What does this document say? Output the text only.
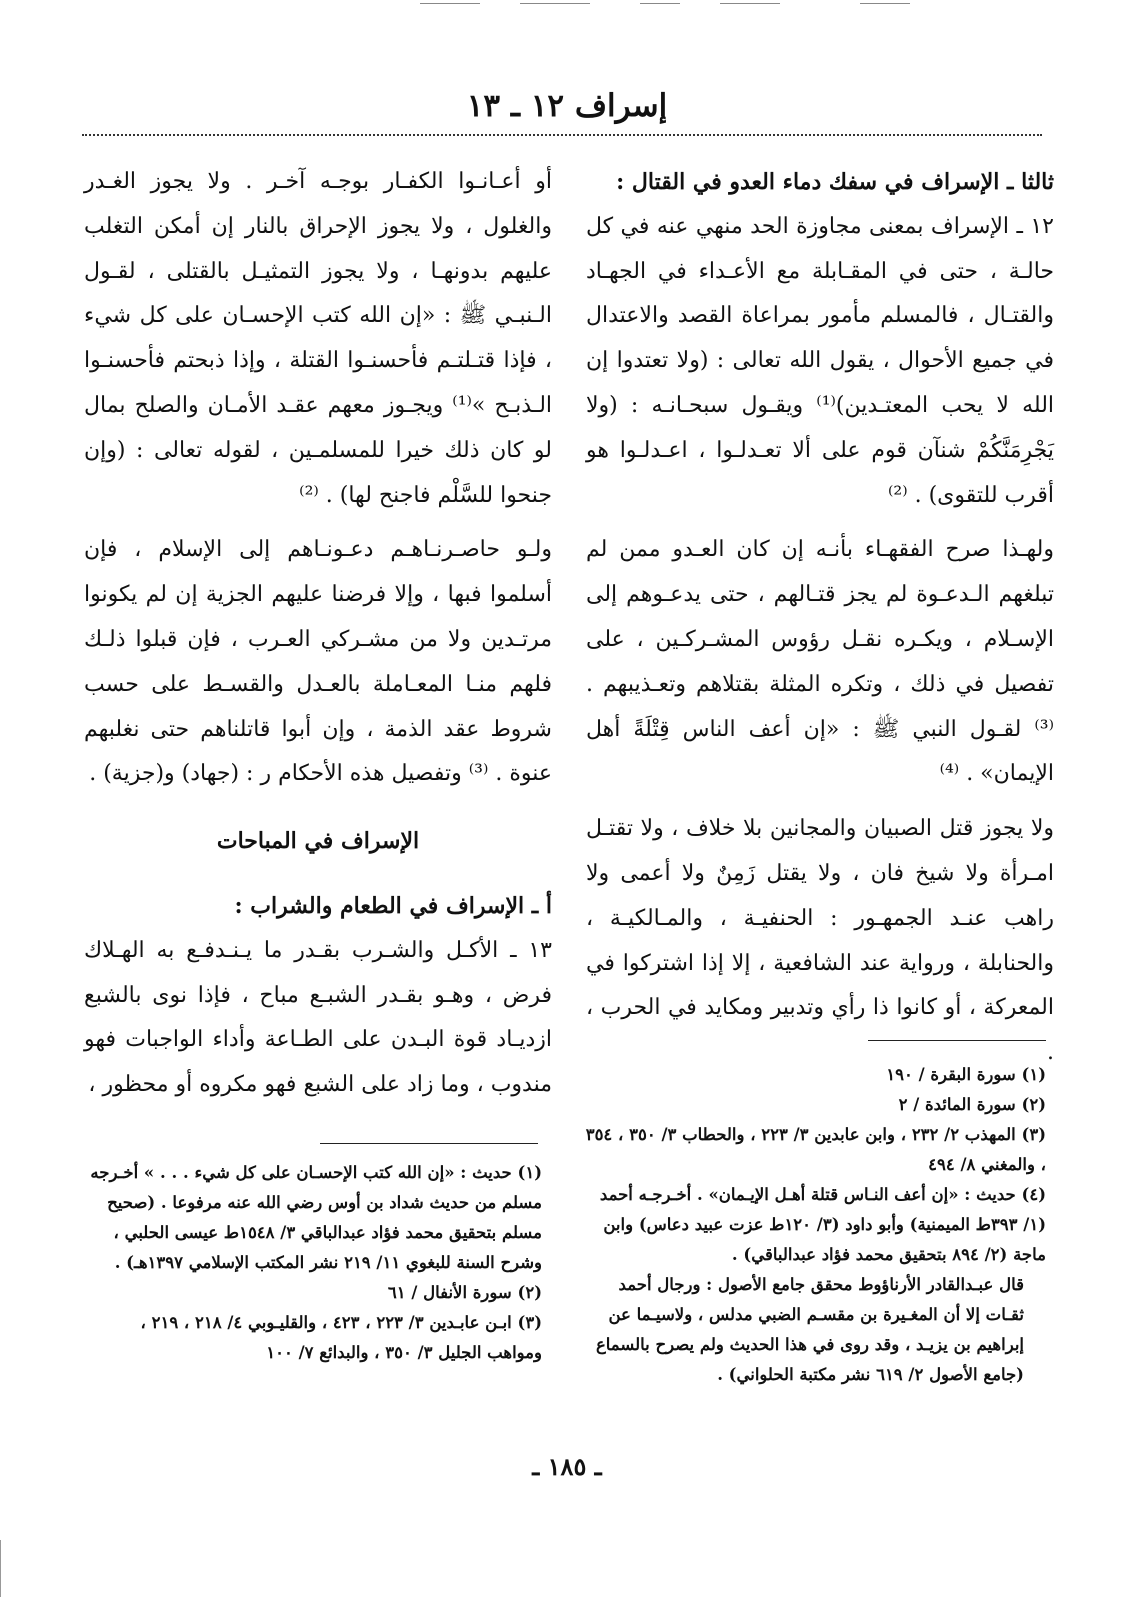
إسراف ١٢ ـ ١٣

ثالثا ـ الإسراف في سفك دماء العدو في القتال :

١٢ ـ الإسراف بمعنى مجاوزة الحد منهي عنه في كل حالـة ، حتى في المقـابلة مع الأعـداء في الجهـاد والقتـال ، فالمسلم مأمور بمراعاة القصد والاعتدال في جميع الأحوال ، يقول الله تعالى : (ولا تعتدوا إن الله لا يحب المعتـدين)⁽¹⁾ ويقـول سبحـانـه : (ولا يَجْرِمَنَّكُمْ شنآن قوم على ألا تعـدلـوا ، اعـدلـوا هو أقرب للتقوى) . ⁽²⁾

ولهـذا صرح الفقهـاء بأنـه إن كان العـدو ممن لم تبلغهم الـدعـوة لم يجز قتـالهم ، حتى يدعـوهم إلى الإسـلام ، ويكـره نقـل رؤوس المشـركـين ، على تفصيل في ذلك ، وتكره المثلة بقتلاهم وتعـذيبهم . ⁽³⁾ لقـول النبي ﷺ : «إن أعف الناس قِتْلَةً أهل الإيمان» . ⁽⁴⁾

ولا يجوز قتل الصبيان والمجانين بلا خلاف ، ولا تقتـل امـرأة ولا شيخ فان ، ولا يقتل زَمِنٌ ولا أعمى ولا راهب عنـد الجمهـور : الحنفيـة ، والمـالكيـة ، والحنابلة ، ورواية عند الشافعية ، إلا إذا اشتركوا في المعركة ، أو كانوا ذا رأي وتدبير ومكايد في الحرب ، .

أو أعـانـوا الكفـار بوجـه آخـر . ولا يجوز الغـدر والغلول ، ولا يجوز الإحراق بالنار إن أمكن التغلب عليهم بدونهـا ، ولا يجوز التمثيـل بالقتلى ، لقـول الـنبـي ﷺ : «إن الله كتب الإحسـان على كل شيء ، فإذا قتـلتـم فأحسنـوا القتلة ، وإذا ذبحتم فأحسنـوا الـذبـح »⁽¹⁾ ويجـوز معهم عقـد الأمـان والصلح بمال لو كان ذلك خيرا للمسلمـين ، لقوله تعالى : (وإن جنحوا للسَّلْم فاجنح لها) . ⁽²⁾

ولـو حاصـرنـاهـم دعـونـاهم إلى الإسلام ، فإن أسلموا فبها ، وإلا فرضنا عليهم الجزية إن لم يكونوا مرتـدين ولا من مشـركي العـرب ، فإن قبلوا ذلـك فلهم منـا المعـاملة بالعـدل والقسـط على حسب شروط عقد الذمة ، وإن أبوا قاتلناهم حتى نغلبهم عنوة . ⁽³⁾ وتفصيل هذه الأحكام ر : (جهاد) و(جزية) .

الإسراف في المباحات

أ ـ الإسراف في الطعام والشراب :

١٣ ـ الأكـل والشـرب بقـدر ما يـنـدفـع به الهـلاك فرض ، وهـو بقـدر الشبـع مباح ، فإذا نوى بالشبع ازديـاد قوة البـدن على الطـاعة وأداء الواجبات فهو مندوب ، وما زاد على الشبع فهو مكروه أو محظور ،	(١) سورة البقرة / ١٩٠

(٢) سورة المائدة / ٢

(٣) المهذب ٢/ ٢٣٢ ، وابن عابدين ٣/ ٢٢٣ ، والحطاب ٣/ ٣٥٠ ، ٣٥٤ ، والمغني ٨/ ٤٩٤

(٤) حديث : «إن أعف النـاس قتلة أهـل الإيـمان» . أخـرجـه أحمد (١/ ٣٩٣ط الميمنية) وأبو داود (٣/ ١٢٠ط عزت عبيد دعاس) وابن ماجة (٢/ ٨٩٤ بتحقيق محمد فؤاد عبدالباقي) .

قال عبـدالقادر الأرناؤوط محقق جامع الأصول : ورجال أحمد ثقـات إلا أن المغـيرة بن مقسـم الضبي مدلس ، ولاسيـما عن إبراهيم بن يزيـد ، وقد روى في هذا الحديث ولم يصرح بالسماع (جامع الأصول ٢/ ٦١٩ نشر مكتبة الحلواني) .

(١) حديث : «إن الله كتب الإحسـان على كل شيء . . . » أخـرجه مسلم من حديث شداد بن أوس رضي الله عنه مرفوعا . (صحيح مسلم بتحقيق محمد فؤاد عبدالباقي ٣/ ١٥٤٨ط عيسى الحلبي ، وشرح السنة للبغوي ١١/ ٢١٩ نشر المكتب الإسلامي ١٣٩٧هـ) .

(٢) سورة الأنفال / ٦١

(٣) ابـن عابـدين ٣/ ٢٢٣ ، ٤٢٣ ، والقليـوبي ٤/ ٢١٨ ، ٢١٩ ، ومواهب الجليل ٣/ ٣٥٠ ، والبدائع ٧/ ١٠٠

ـ ١٨٥ ـ
